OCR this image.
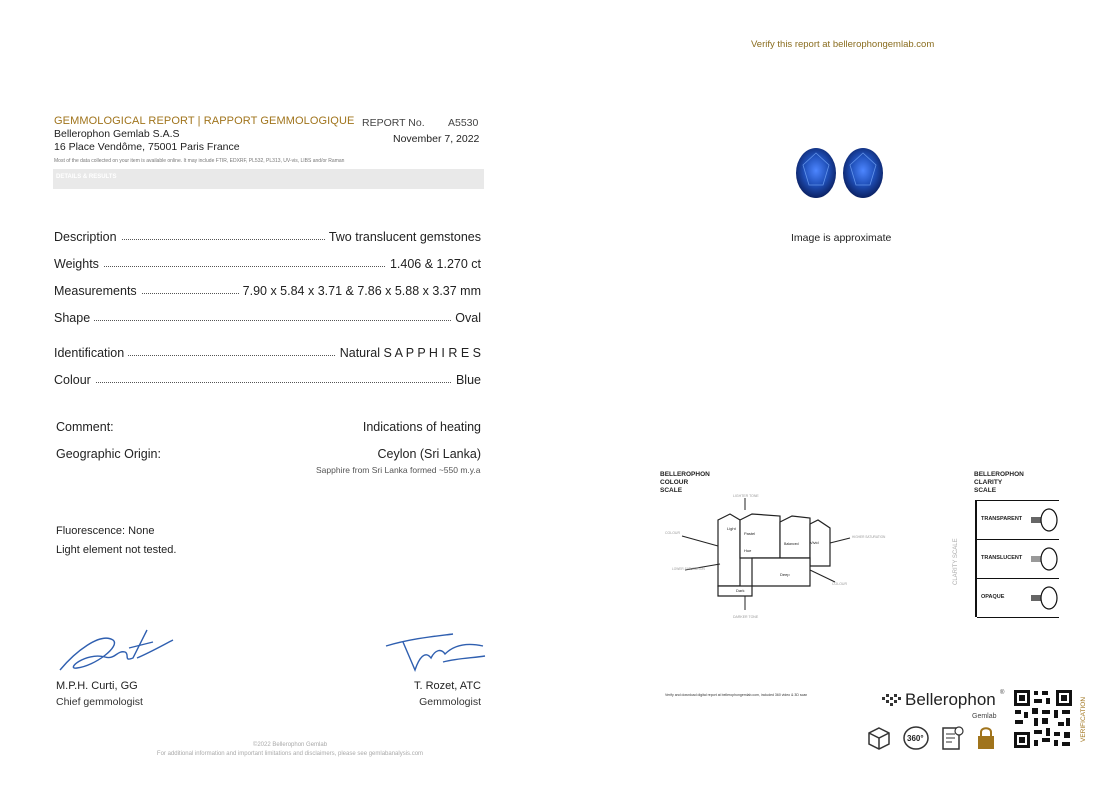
Verify this report at bellerophongemlab.com
GEMMOLOGICAL REPORT | RAPPORT GEMMOLOGIQUE
Bellerophon Gemlab S.A.S
16 Place Vendôme, 75001 Paris France
REPORT No. A5530
November 7, 2022
Most of the data collected on your item is available online. It may include FTIR, EDXRF, PL532, PL313, UV-vis, LIBS and/or Raman
DETAILS & RESULTS
Description	Two translucent gemstones
Weights	1.406 & 1.270 ct
Measurements	7.90 x 5.84 x 3.71 & 7.86 x 5.88 x 3.37 mm
Shape	Oval
Identification	Natural S A P P H I R E S
Colour	Blue
Comment:	Indications of heating
Geographic Origin:	Ceylon (Sri Lanka)
Sapphire from Sri Lanka formed ~550 m.y.a
Fluorescence: None
Light element not tested.
M.P.H. Curti, GG
Chief gemmologist
T. Rozet, ATC
Gemmologist
©2022 Bellerophon Gemlab
For additional information and important limitations and disclaimers, please see gemlabanalysis.com
Image is approximate
BELLEROPHON
COLOUR
SCALE
LIGHTER TONE
DARKER TONE
COLOUR
COLOUR
HIGHER SATURATION
LOWER SATURATION
Light
Pastel
Balanced	Vivid
Hue
Deep
Dark
BELLEROPHON
CLARITY
SCALE
CLARITY SCALE
TRANSPARENT
TRANSLUCENT
OPAQUE
Verify and download digital report at bellerophongemlab.com, included 360 video & 3D scan	Bellerophon ®
Gemlab
360°	VERIFICATION
